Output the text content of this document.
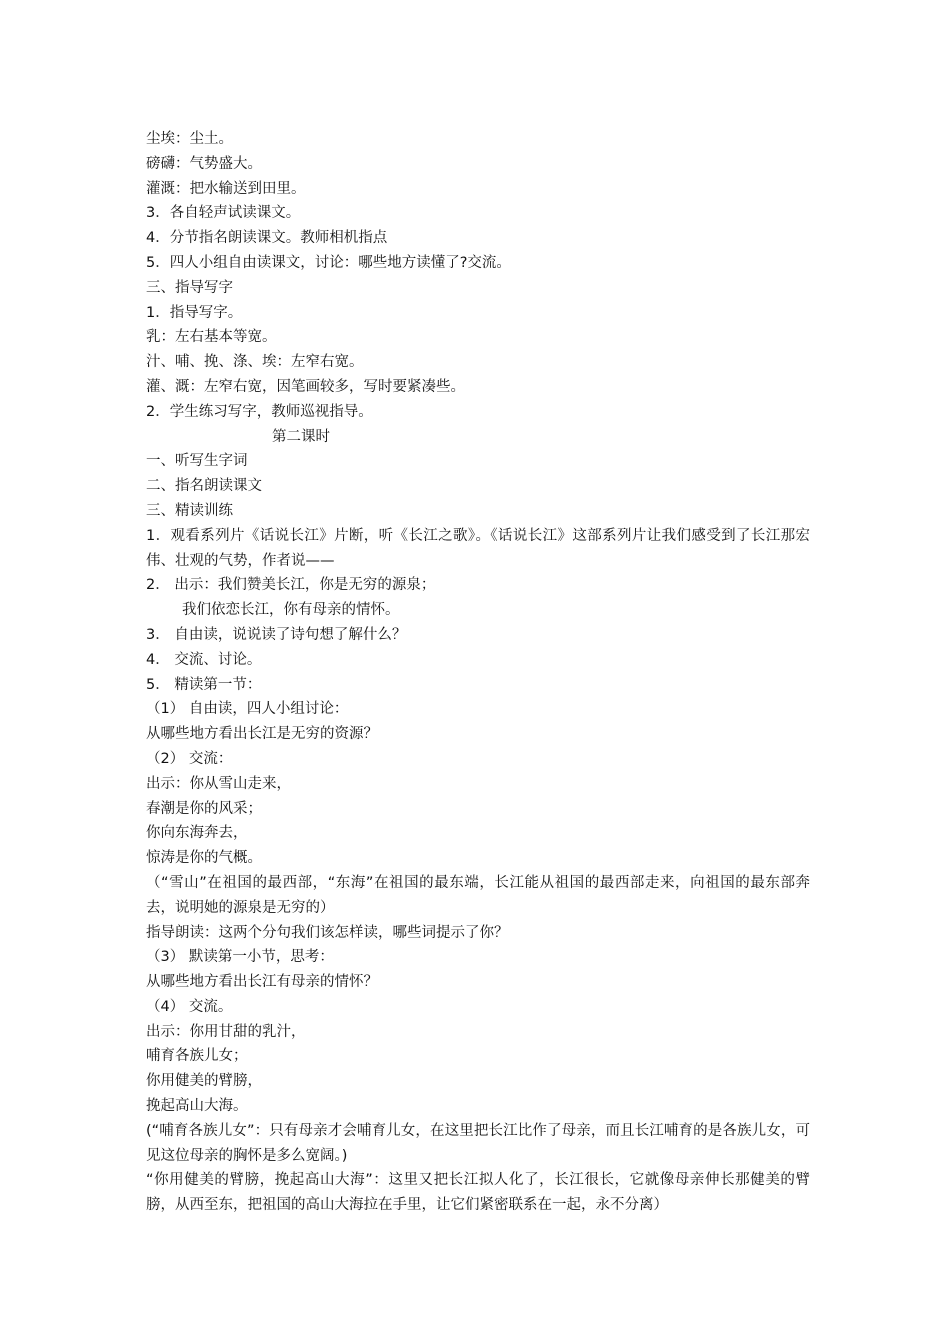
尘埃：尘土。
磅礴：气势盛大。
灌溉：把水输送到田里。
3．各自轻声试读课文。
4．分节指名朗读课文。教师相机指点
5．四人小组自由读课文，讨论：哪些地方读懂了?交流。
三、指导写字
1．指导写字。
乳：左右基本等宽。
汁、哺、挽、涤、埃：左窄右宽。
灌、溉：左窄右宽，因笔画较多，写时要紧凑些。
2．学生练习写字，教师巡视指导。
第二课时
一、听写生字词
二、指名朗读课文
三、精读训练
1．观看系列片《话说长江》片断，听《长江之歌》。《话说长江》这部系列片让我们感受到了长江那宏伟、壮观的气势，作者说——
2． 出示：我们赞美长江，你是无穷的源泉；
我们依恋长江，你有母亲的情怀。
3． 自由读，说说读了诗句想了解什么？
4． 交流、讨论。
5． 精读第一节：
（1） 自由读，四人小组讨论：
从哪些地方看出长江是无穷的资源？
（2） 交流：
出示：你从雪山走来，
春潮是你的风采；
你向东海奔去，
惊涛是你的气概。
（“雪山”在祖国的最西部，“东海”在祖国的最东端，长江能从祖国的最西部走来，向祖国的最东部奔去，说明她的源泉是无穷的）
指导朗读：这两个分句我们该怎样读，哪些词提示了你？
（3） 默读第一小节，思考：
从哪些地方看出长江有母亲的情怀？
（4） 交流。
出示：你用甘甜的乳汁，
哺育各族儿女；
你用健美的臂膀，
挽起高山大海。
(“哺育各族儿女”：只有母亲才会哺育儿女，在这里把长江比作了母亲，而且长江哺育的是各族儿女，可见这位母亲的胸怀是多么宽阔。)
“你用健美的臂膀，挽起高山大海”：这里又把长江拟人化了，长江很长，它就像母亲伸长那健美的臂膀，从西至东，把祖国的高山大海拉在手里，让它们紧密联系在一起，永不分离）
